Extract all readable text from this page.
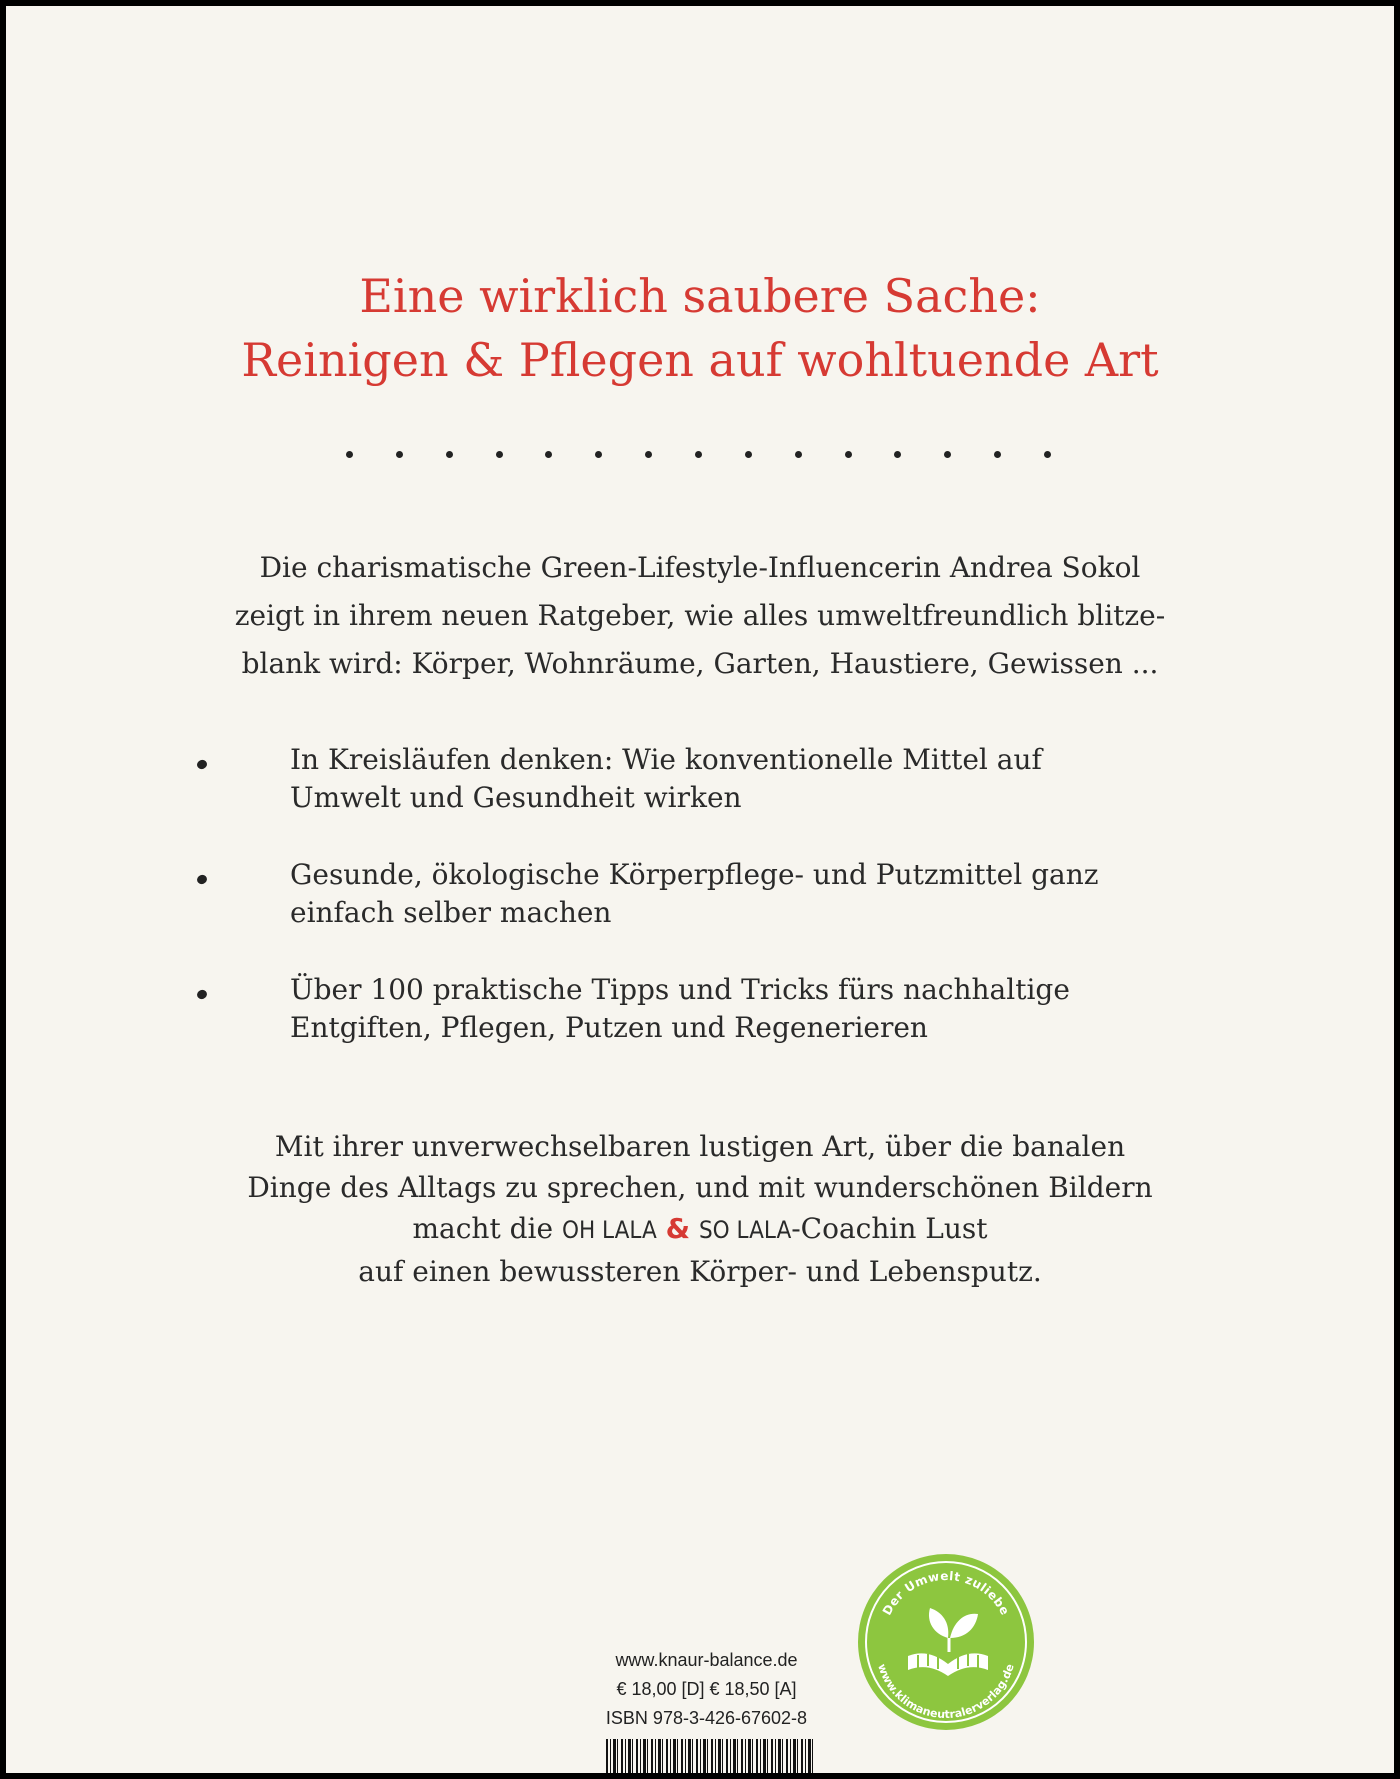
Eine wirklich saubere Sache:
Reinigen & Pflegen auf wohltuende Art
Die charismatische Green-Lifestyle-Influencerin Andrea Sokol
zeigt in ihrem neuen Ratgeber, wie alles umweltfreundlich blitze-
blank wird: Körper, Wohnräume, Garten, Haustiere, Gewissen ...
In Kreisläufen denken: Wie konventionelle Mittel auf
Umwelt und Gesundheit wirken
Gesunde, ökologische Körperpflege- und Putzmittel ganz
einfach selber machen
Über 100 praktische Tipps und Tricks fürs nachhaltige
Entgiften, Pflegen, Putzen und Regenerieren
Mit ihrer unverwechselbaren lustigen Art, über die banalen
Dinge des Alltags zu sprechen, und mit wunderschönen Bildern
macht die OH LALA & SO LALA-Coachin Lust
auf einen bewussteren Körper- und Lebensputz.
www.knaur-balance.de
€ 18,00 [D] € 18,50 [A]
ISBN 978-3-426-67602-8
Der Umwelt zuliebe
www.klimaneutralerverlag.de
